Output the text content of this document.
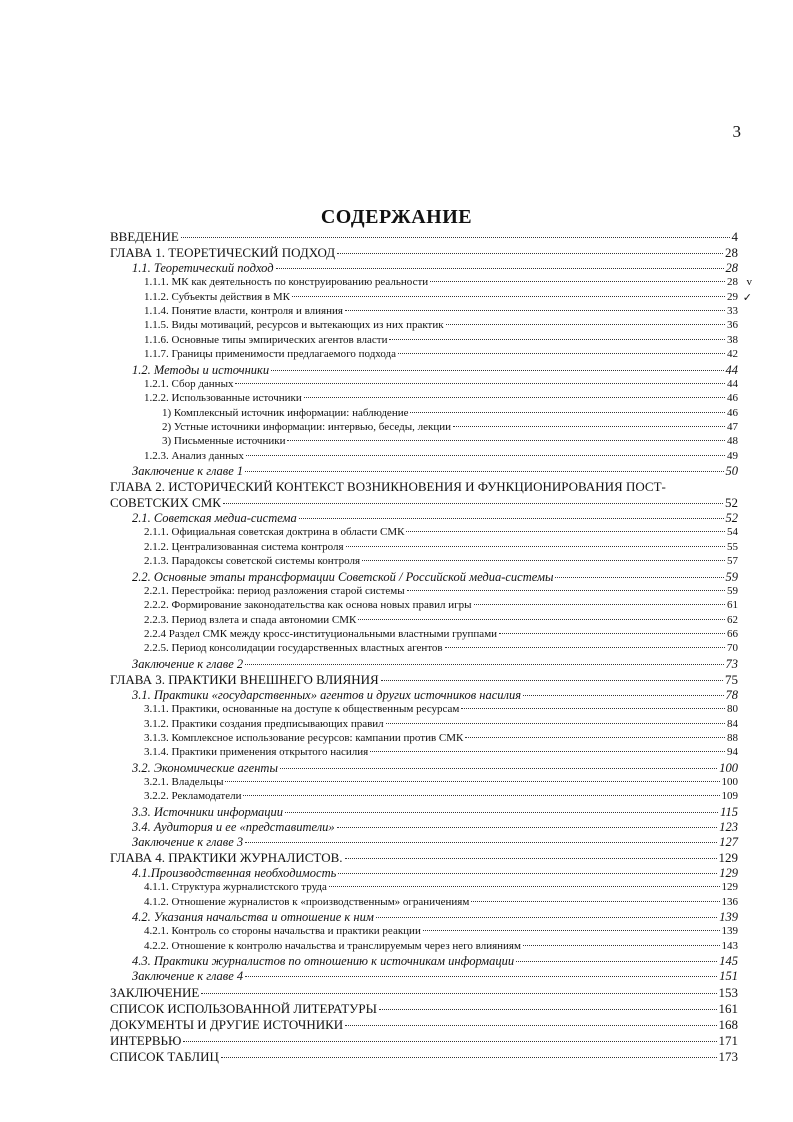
3
СОДЕРЖАНИЕ
ВВЕДЕНИЕ	4
ГЛАВА 1. ТЕОРЕТИЧЕСКИЙ ПОДХОД	28
1.1. Теоретический подход	28
1.1.1. МК как деятельность по конструированию реальности	28 v
1.1.2. Субъекты действия в МК	29 ✓
1.1.4. Понятие власти, контроля и влияния	33
1.1.5. Виды мотиваций, ресурсов и вытекающих из них практик	36
1.1.6. Основные типы эмпирических агентов власти	38
1.1.7. Границы применимости предлагаемого подхода	42
1.2. Методы и источники	44
1.2.1. Сбор данных	44
1.2.2. Использованные источники	46
1) Комплексный источник информации: наблюдение	46
2) Устные источники информации: интервью, беседы, лекции	47
3) Письменные источники	48
1.2.3. Анализ данных	49
Заключение к главе 1	50
ГЛАВА 2. ИСТОРИЧЕСКИЙ КОНТЕКСТ ВОЗНИКНОВЕНИЯ И ФУНКЦИОНИРОВАНИЯ ПОСТ-
СОВЕТСКИХ СМК	52
2.1. Советская медиа-система	52
2.1.1. Официальная советская доктрина в области СМК	54
2.1.2. Централизованная система контроля	55
2.1.3. Парадоксы советской системы контроля	57
2.2. Основные этапы трансформации Советской / Российской медиа-системы	59
2.2.1. Перестройка: период разложения старой системы	59
2.2.2. Формирование законодательства как основа новых правил игры	61
2.2.3. Период взлета и спада автономии СМК	62
2.2.4 Раздел СМК между кросс-институциональными властными группами	66
2.2.5. Период консолидации государственных властных агентов	70
Заключение к главе 2	73
ГЛАВА 3. ПРАКТИКИ ВНЕШНЕГО ВЛИЯНИЯ	75
3.1. Практики «государственных» агентов и других источников насилия	78
3.1.1. Практики, основанные на доступе к общественным ресурсам	80
3.1.2. Практики создания предписывающих правил	84
3.1.3. Комплексное использование ресурсов: кампании против СМК	88
3.1.4. Практики применения открытого насилия	94
3.2. Экономические агенты	100
3.2.1. Владельцы	100
3.2.2. Рекламодатели	109
3.3. Источники информации	115
3.4. Аудитория и ее «представители»	123
Заключение к главе 3	127
ГЛАВА 4. ПРАКТИКИ ЖУРНАЛИСТОВ.	129
4.1.Производственная необходимость	129
4.1.1. Структура журналистского труда	129
4.1.2. Отношение журналистов к «производственным» ограничениям	136
4.2. Указания начальства и отношение к ним	139
4.2.1. Контроль со стороны начальства и практики реакции	139
4.2.2. Отношение к контролю начальства и транслируемым через него влияниям	143
4.3. Практики журналистов по отношению к источникам информации	145
Заключение к главе 4	151
ЗАКЛЮЧЕНИЕ	153
СПИСОК ИСПОЛЬЗОВАННОЙ ЛИТЕРАТУРЫ	161
ДОКУМЕНТЫ И ДРУГИЕ ИСТОЧНИКИ	168
ИНТЕРВЬЮ	171
СПИСОК ТАБЛИЦ	173
